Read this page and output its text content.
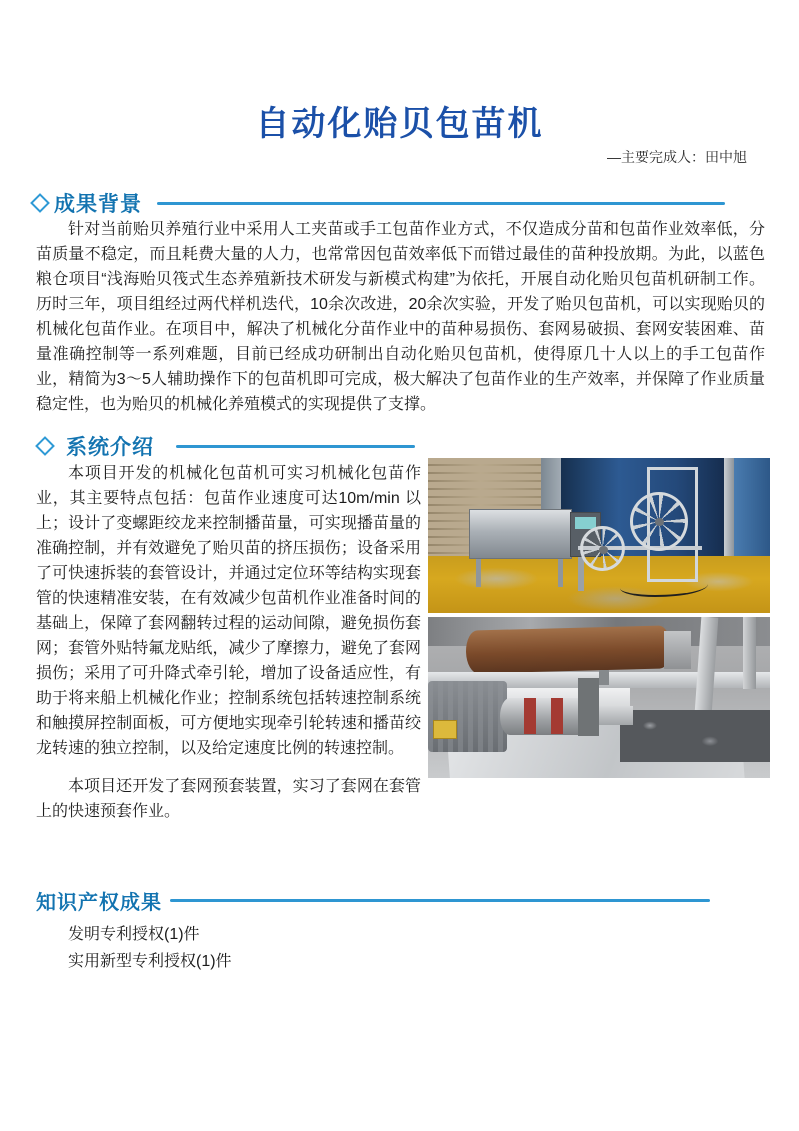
自动化贻贝包苗机
—主要完成人：田中旭
成果背景

针对当前贻贝养殖行业中采用人工夹苗或手工包苗作业方式，不仅造成分苗和包苗作业效率低，分苗质量不稳定，而且耗费大量的人力，也常常因包苗效率低下而错过最佳的苗种投放期。为此，以蓝色粮仓项目“浅海贻贝筏式生态养殖新技术研发与新模式构建”为依托，开展自动化贻贝包苗机研制工作。历时三年，项目组经过两代样机迭代，10余次改进，20余次实验，开发了贻贝包苗机，可以实现贻贝的机械化包苗作业。在项目中，解决了机械化分苗作业中的苗种易损伤、套网易破损、套网安装困难、苗量准确控制等一系列难题，目前已经成功研制出自动化贻贝包苗机，使得原几十人以上的手工包苗作业，精简为3～5人辅助操作下的包苗机即可完成，极大解决了包苗作业的生产效率，并保障了作业质量稳定性，也为贻贝的机械化养殖模式的实现提供了支撑。

系统介绍

本项目开发的机械化包苗机可实习机械化包苗作业，其主要特点包括：包苗作业速度可达10m/min 以上；设计了变螺距绞龙来控制播苗量，可实现播苗量的准确控制，并有效避免了贻贝苗的挤压损伤；设备采用了可快速拆装的套管设计，并通过定位环等结构实现套管的快速精准安装，在有效减少包苗机作业准备时间的基础上，保障了套网翻转过程的运动间隙，避免损伤套网；套管外贴特氟龙贴纸，减少了摩擦力，避免了套网损伤；采用了可升降式牵引轮，增加了设备适应性，有助于将来船上机械化作业；控制系统包括转速控制系统和触摸屏控制面板，可方便地实现牵引轮转速和播苗绞龙转速的独立控制，以及给定速度比例的转速控制。

本项目还开发了套网预套装置，实习了套网在套管上的快速预套作业。

知识产权成果
发明专利授权(1)件
实用新型专利授权(1)件
